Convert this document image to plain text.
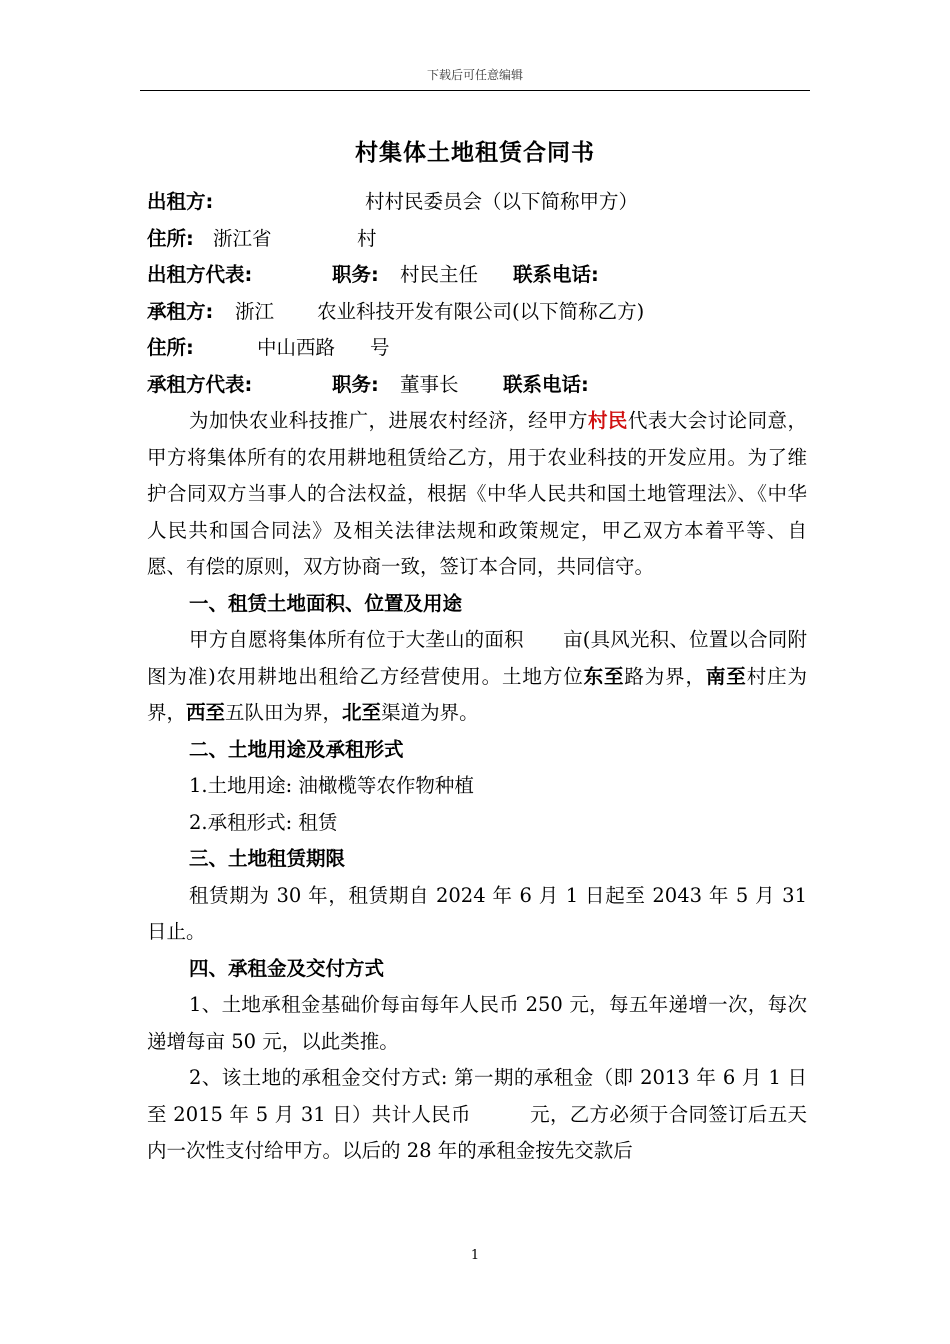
下载后可任意编辑
村集体土地租赁合同书
出租方:	村村民委员会（以下简称甲方）
住所: 浙江省	村
出租方代表:	职务: 村民主任 联系电话:
承租方: 浙江 农业科技开发有限公司(以下简称乙方)
住所:	中山西路 号
承租方代表:	职务: 董事长 联系电话:
为加快农业科技推广，进展农村经济，经甲方村民代表大会讨论同意，甲方将集体所有的农用耕地租赁给乙方，用于农业科技的开发应用。为了维护合同双方当事人的合法权益，根据《中华人民共和国土地管理法》、《中华人民共和国合同法》及相关法律法规和政策规定，甲乙双方本着平等、自愿、有偿的原则，双方协商一致，签订本合同，共同信守。
一、租赁土地面积、位置及用途
甲方自愿将集体所有位于大垄山的面积　　亩(具风光积、位置以合同附图为准)农用耕地出租给乙方经营使用。土地方位东至路为界，南至村庄为界，西至五队田为界，北至渠道为界。
二、土地用途及承租形式
1.土地用途: 油橄榄等农作物种植
2.承租形式: 租赁
三、土地租赁期限
租赁期为 30 年，租赁期自 2024 年 6 月 1 日起至 2043 年 5 月 31 日止。
四、承租金及交付方式
1、土地承租金基础价每亩每年人民币 250 元，每五年递增一次，每次递增每亩 50 元，以此类推。
2、该土地的承租金交付方式: 第一期的承租金（即 2013 年 6 月 1 日至 2015 年 5 月 31 日）共计人民币　　　元，乙方必须于合同签订后五天内一次性支付给甲方。以后的 28 年的承租金按先交款后
1
